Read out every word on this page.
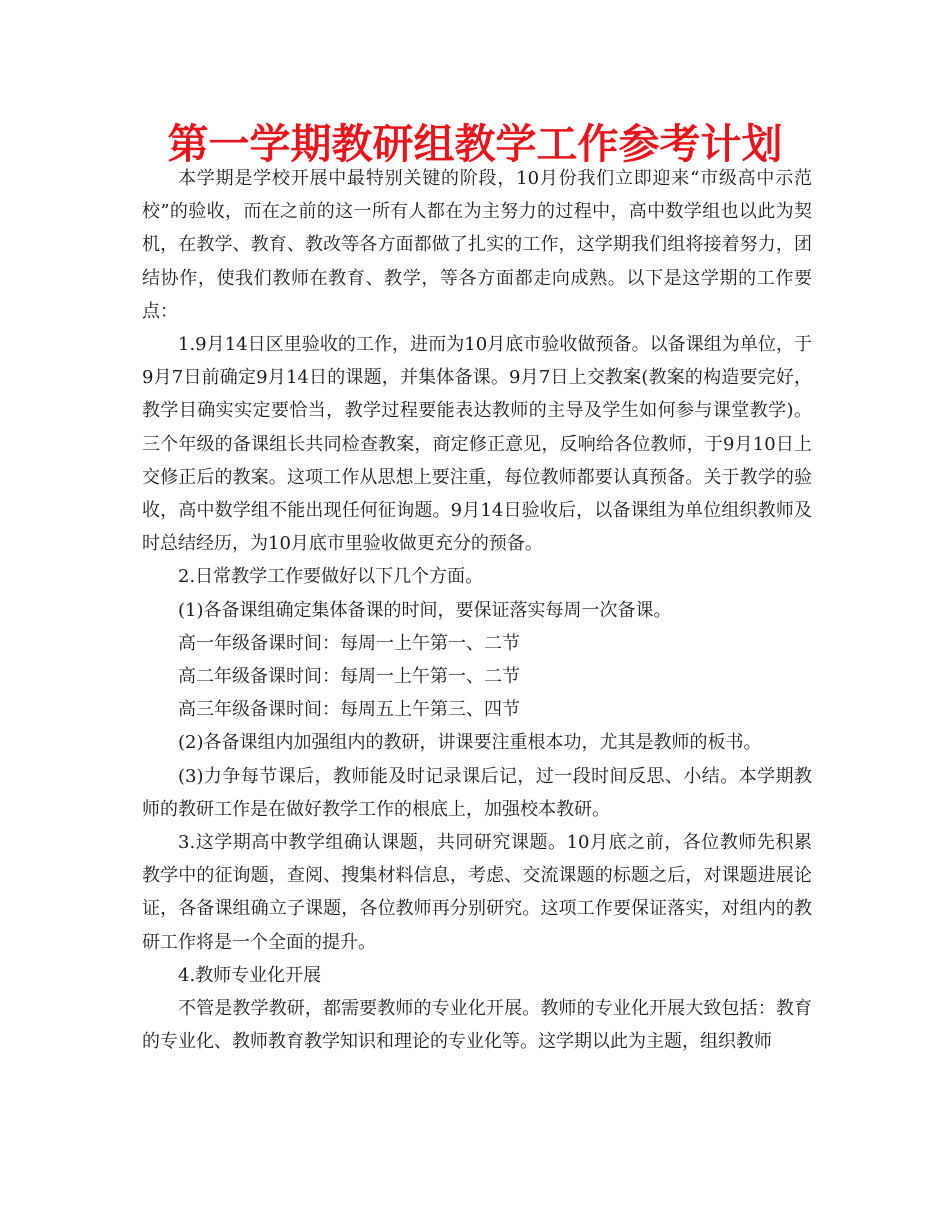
第一学期教研组教学工作参考计划

本学期是学校开展中最特别关键的阶段，10月份我们立即迎来“市级高中示范校”的验收，而在之前的这一所有人都在为主努力的过程中，高中数学组也以此为契机，在教学、教育、教改等各方面都做了扎实的工作，这学期我们组将接着努力，团结协作，使我们教师在教育、教学，等各方面都走向成熟。以下是这学期的工作要点：

1.9月14日区里验收的工作，进而为10月底市验收做预备。以备课组为单位，于9月7日前确定9月14日的课题，并集体备课。9月7日上交教案(教案的构造要完好，教学目确实实定要恰当，教学过程要能表达教师的主导及学生如何参与课堂教学)。三个年级的备课组长共同检查教案，商定修正意见，反响给各位教师，于9月10日上交修正后的教案。这项工作从思想上要注重，每位教师都要认真预备。关于教学的验收，高中数学组不能出现任何征询题。9月14日验收后，以备课组为单位组织教师及时总结经历，为10月底市里验收做更充分的预备。

2.日常教学工作要做好以下几个方面。

(1)各备课组确定集体备课的时间，要保证落实每周一次备课。

高一年级备课时间：每周一上午第一、二节

高二年级备课时间：每周一上午第一、二节

高三年级备课时间：每周五上午第三、四节

(2)各备课组内加强组内的教研，讲课要注重根本功，尤其是教师的板书。

(3)力争每节课后，教师能及时记录课后记，过一段时间反思、小结。本学期教师的教研工作是在做好教学工作的根底上，加强校本教研。

3.这学期高中教学组确认课题，共同研究课题。10月底之前，各位教师先积累教学中的征询题，查阅、搜集材料信息，考虑、交流课题的标题之后，对课题进展论证，各备课组确立子课题，各位教师再分别研究。这项工作要保证落实，对组内的教研工作将是一个全面的提升。

4.教师专业化开展

不管是教学教研，都需要教师的专业化开展。教师的专业化开展大致包括：教育的专业化、教师教育教学知识和理论的专业化等。这学期以此为主题，组织教师
